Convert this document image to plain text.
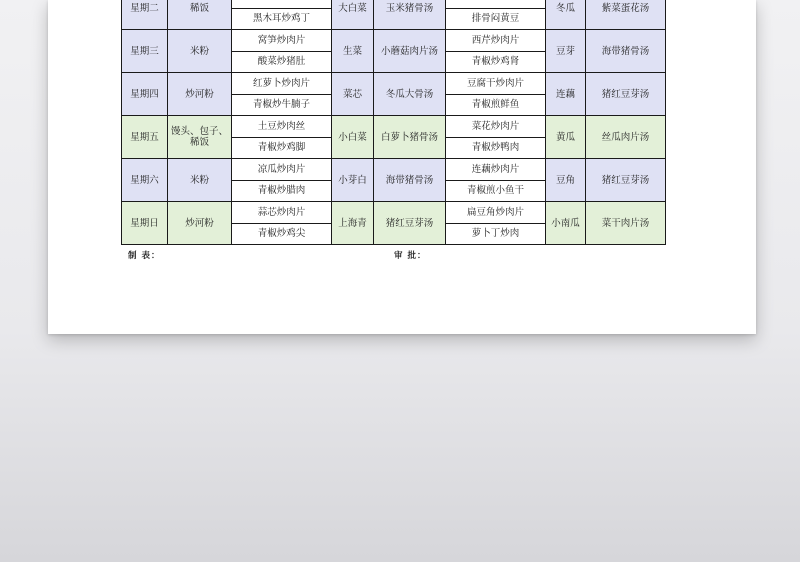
星期二	稀饭		大白菜	玉米猪骨汤		冬瓜	紫菜蛋花汤
		黑木耳炒鸡丁			排骨闷黄豆		
星期三	米粉	窝笋炒肉片	生菜	小蘑菇肉片汤	西芹炒肉片	豆芽	海带猪骨汤
		酸菜炒猪肚			青椒炒鸡肾		
星期四	炒河粉	红萝卜炒肉片	菜芯	冬瓜大骨汤	豆腐干炒肉片	连藕	猪红豆芽汤
		青椒炒牛腩子			青椒煎鲜鱼		
星期五	馒头、包子、稀饭	土豆炒肉丝	小白菜	白萝卜猪骨汤	菜花炒肉片	黄瓜	丝瓜肉片汤
		青椒炒鸡脚			青椒炒鸭肉		
星期六	米粉	凉瓜炒肉片	小芽白	海带猪骨汤	连藕炒肉片	豆角	猪红豆芽汤
		青椒炒腊肉			青椒煎小鱼干		
星期日	炒河粉	蒜芯炒肉片	上海青	猪红豆芽汤	扁豆角炒肉片	小南瓜	菜干肉片汤
		青椒炒鸡尖			萝卜丁炒肉		
制 表：	审 批：
